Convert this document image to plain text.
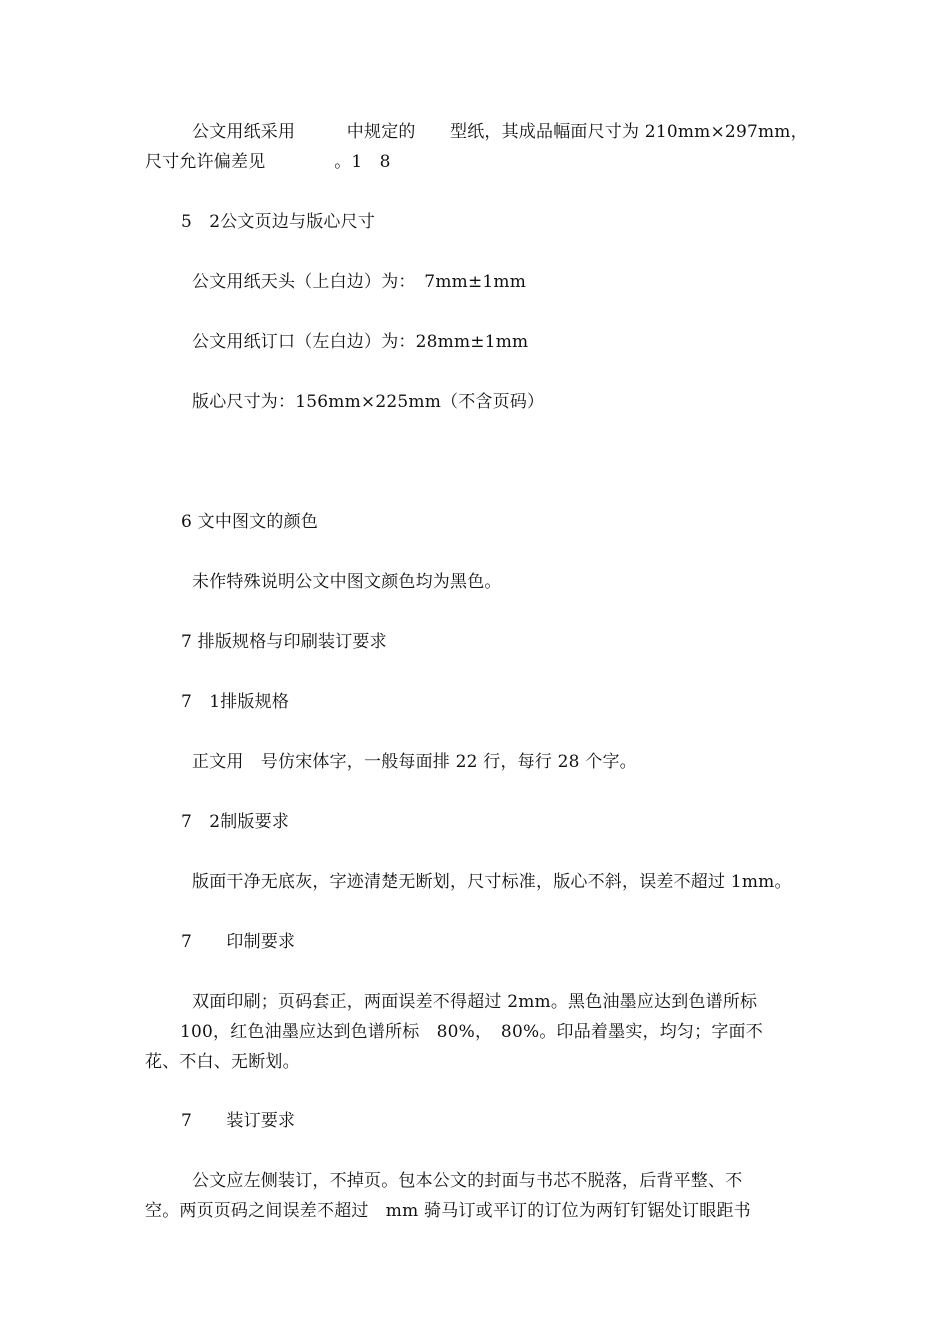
公文用纸采用　　　中规定的　　型纸，其成品幅面尺寸为 210mm×297mm，
尺寸允许偏差见　　　　。1　8
5　2公文页边与版心尺寸
公文用纸天头（上白边）为：　7mm±1mm
公文用纸订口（左白边）为：28mm±1mm
版心尺寸为：156mm×225mm（不含页码）
6 文中图文的颜色
未作特殊说明公文中图文颜色均为黑色。
7 排版规格与印刷装订要求
7　1排版规格
正文用　号仿宋体字，一般每面排 22 行，每行 28 个字。
7　2制版要求
版面干净无底灰，字迹清楚无断划，尺寸标准，版心不斜，误差不超过 1mm。
7　　印制要求
双面印刷；页码套正，两面误差不得超过 2mm。黑色油墨应达到色谱所标
100，红色油墨应达到色谱所标　80%，　80%。印品着墨实，均匀；字面不
花、不白、无断划。
7　　装订要求
公文应左侧装订，不掉页。包本公文的封面与书芯不脱落，后背平整、不
空。两页页码之间误差不超过　mm 骑马订或平订的订位为两钉钉锯处订眼距书
